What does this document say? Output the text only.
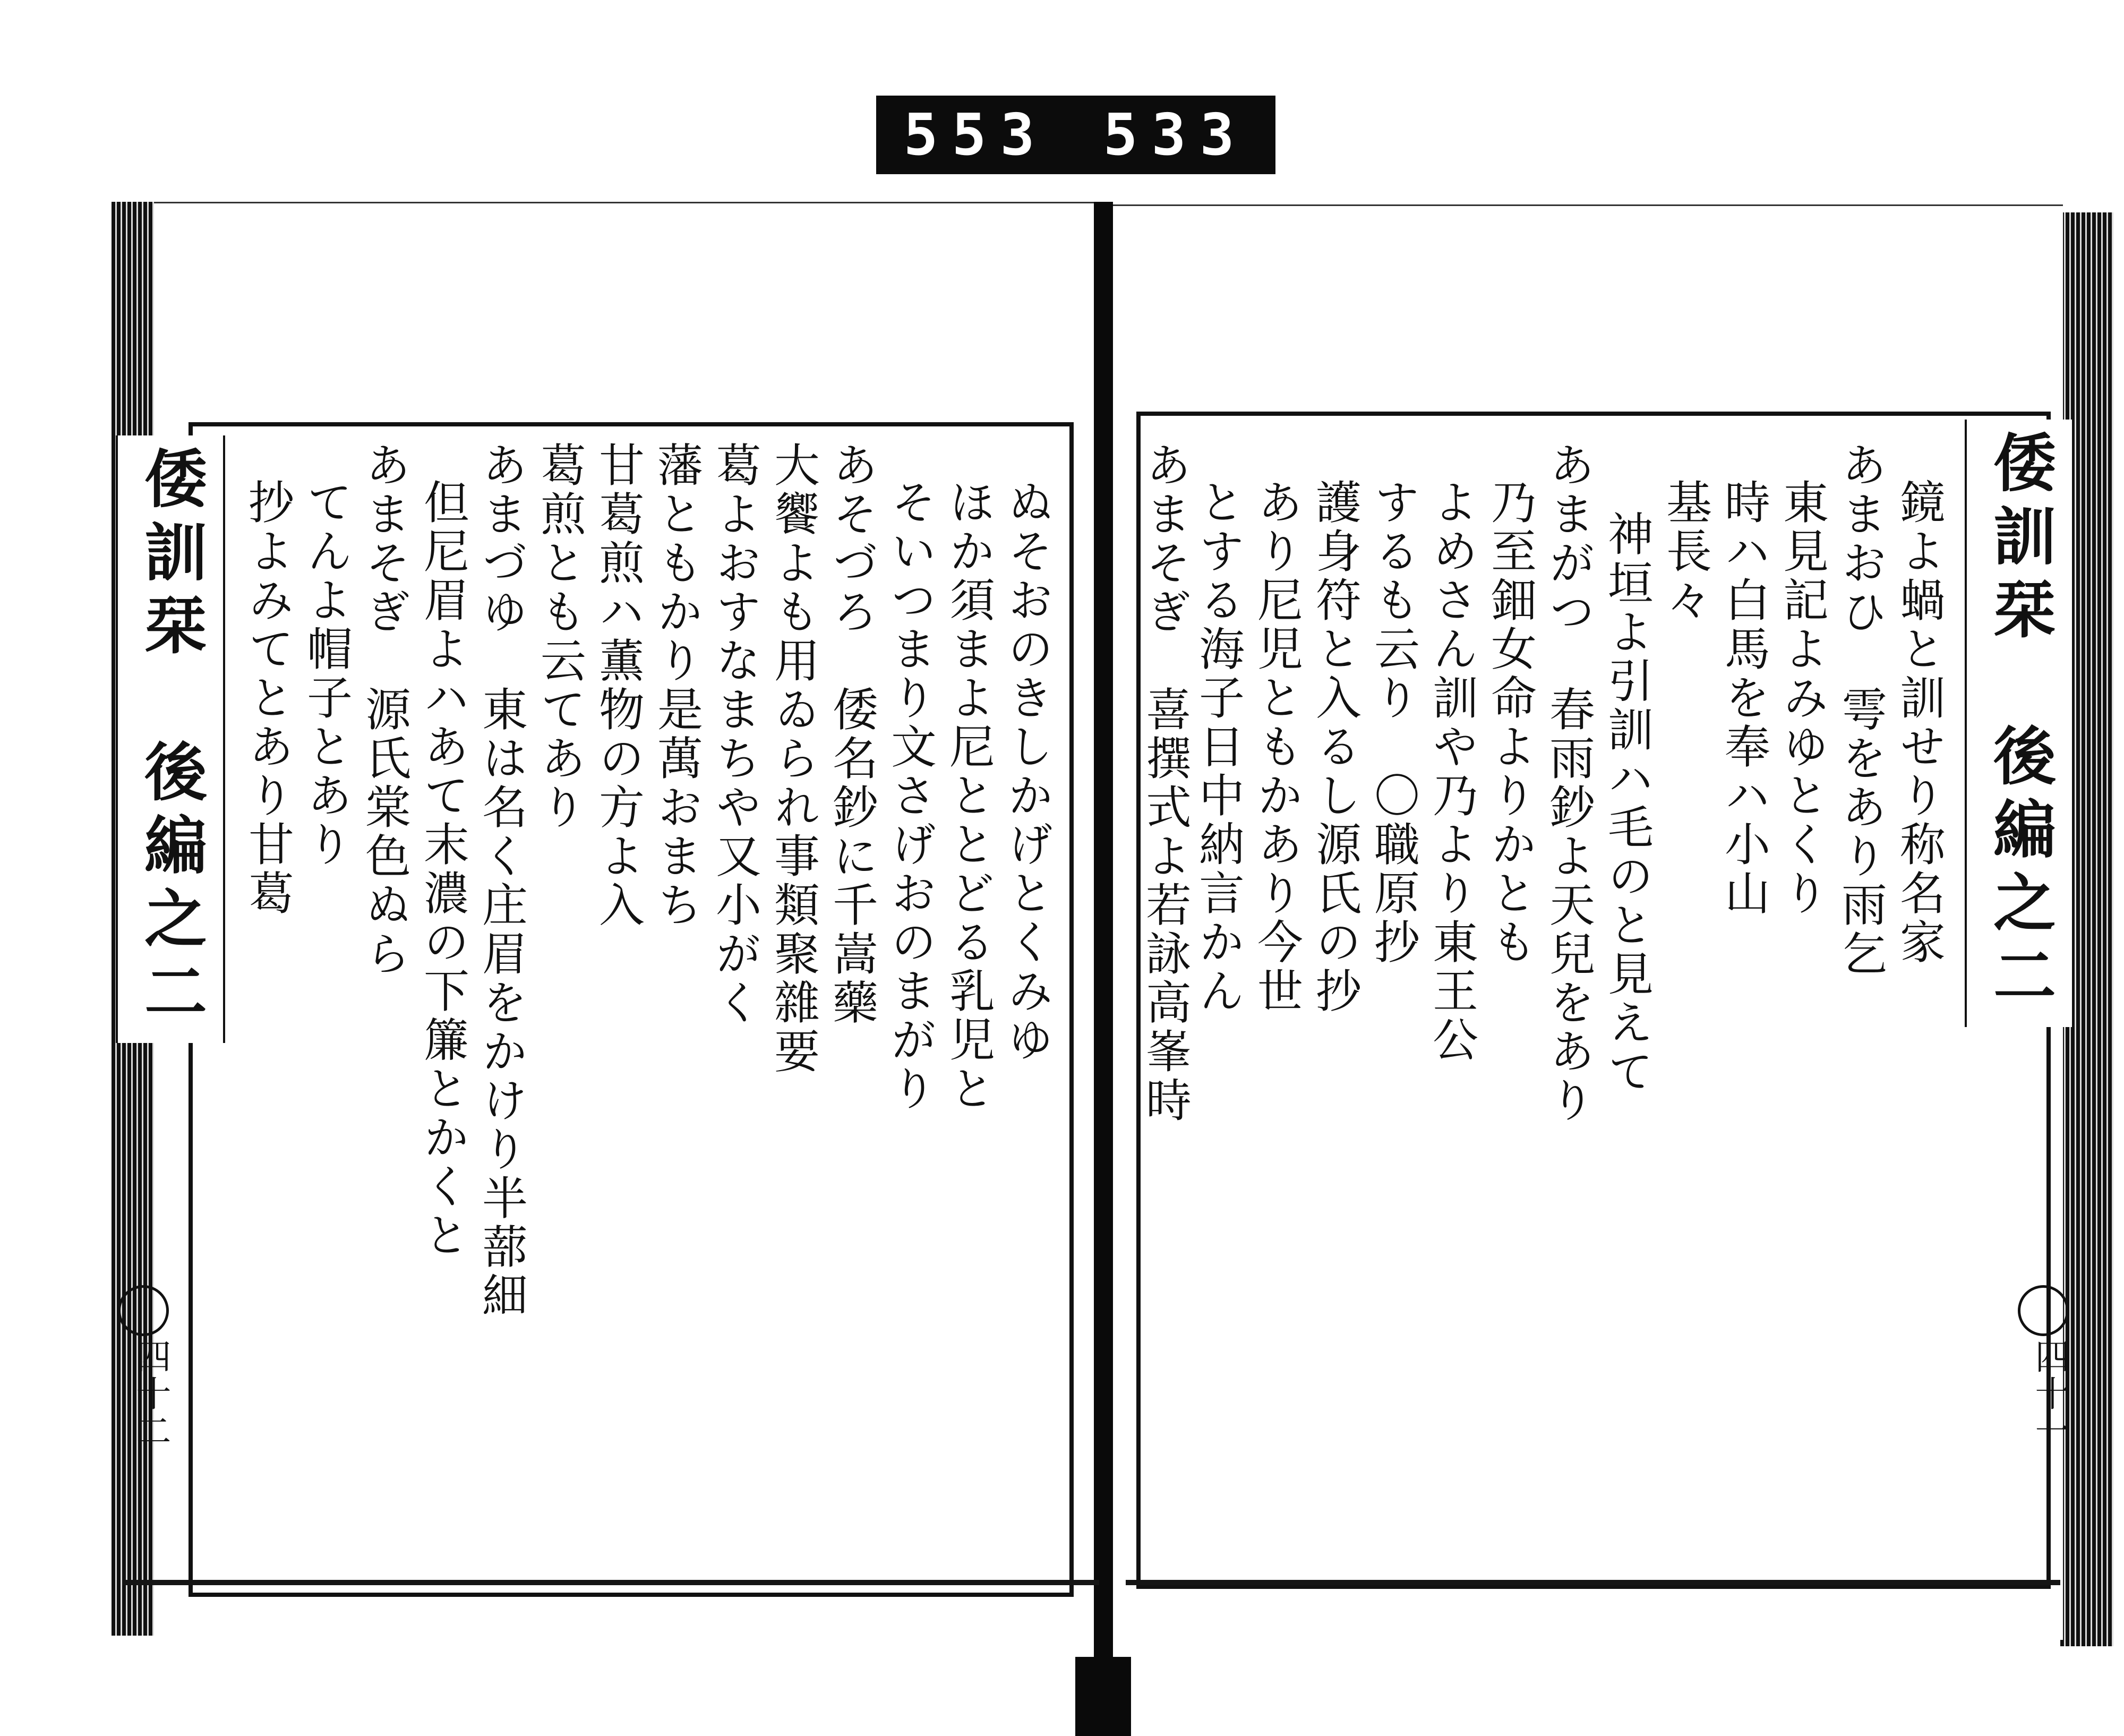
553 533
ぬそおのきしかげとくみゆ
ほか須まよ尼ととどる乳児と
そいつまり文さげおのまがり
あそづろ　倭名鈔に千嵩藥
大饗よも用ゐられ事類聚雜要
葛よおすなまちや又小がく
藩ともかり是萬おまち
甘葛煎ハ薫物の方よ入
葛煎とも云てあり
あまづゆ　東は名く庄眉をかけり半蔀細
但尼眉よハあて末濃の下簾とかくと
あまそぎ　源氏棠色ぬら
てんよ帽子とあり
抄よみてとあり甘葛
倭訓栞　後編之二
四十二
鏡よ蝸と訓せり称名家
あまおひ　雩をあり雨乞
東見記よみゆとくり
時ハ白馬を奉ハ小山
基長々
神垣よ引訓ハ毛のと見えて
あまがつ　春雨鈔よ天兒をあり
乃至鈿女命よりかとも
よめさん訓や乃より東王公
するも云り　〇職原抄
護身符と入るし源氏の抄
あり尼児ともかあり今世
とする海子日中納言かん
あまそぎ　喜撰式よ若詠高峯時	倭訓栞　後編之二
四十一
